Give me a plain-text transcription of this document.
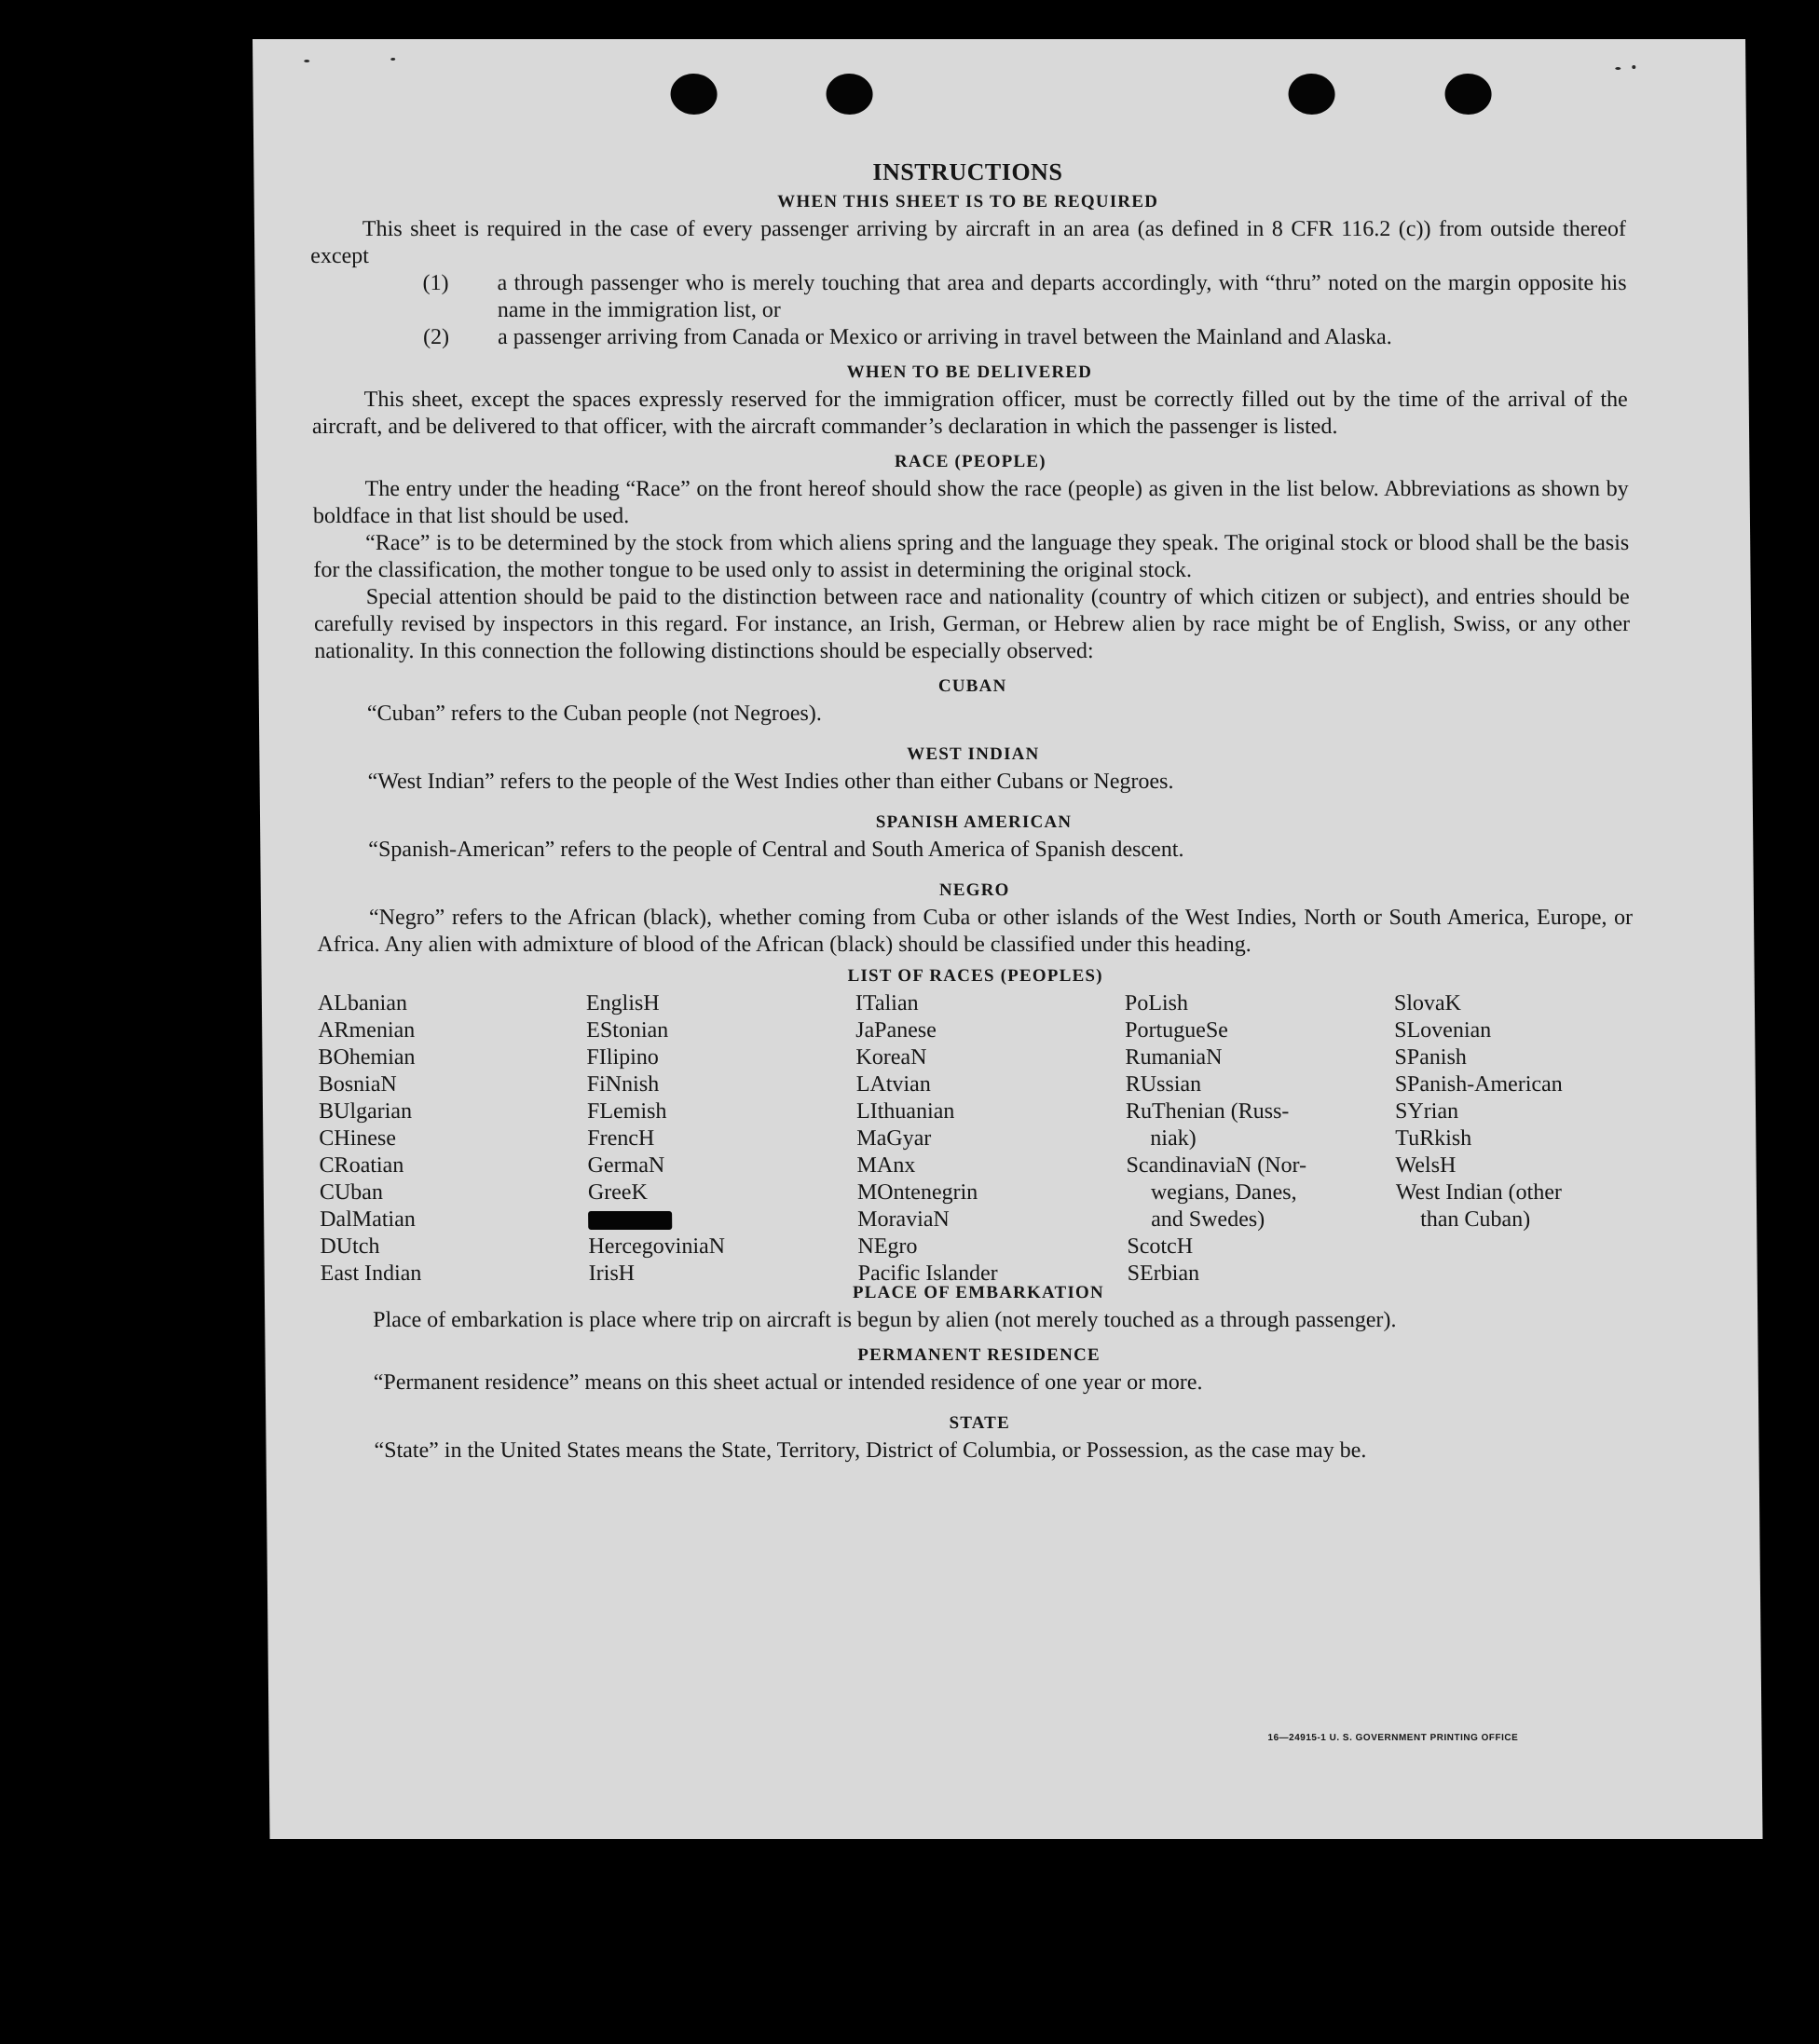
INSTRUCTIONS
WHEN THIS SHEET IS TO BE REQUIRED

This sheet is required in the case of every passenger arriving by aircraft in an area (as defined in 8 CFR 116.2 (c)) from outside thereof except

(1) a through passenger who is merely touching that area and departs accordingly, with “thru” noted on the margin opposite his name in the immigration list, or
(2) a passenger arriving from Canada or Mexico or arriving in travel between the Mainland and Alaska.
WHEN TO BE DELIVERED

This sheet, except the spaces expressly reserved for the immigration officer, must be correctly filled out by the time of the arrival of the aircraft, and be delivered to that officer, with the aircraft commander’s declaration in which the passenger is listed.

RACE (PEOPLE)

The entry under the heading “Race” on the front hereof should show the race (people) as given in the list below. Abbreviations as shown by boldface in that list should be used.

“Race” is to be determined by the stock from which aliens spring and the language they speak. The original stock or blood shall be the basis for the classification, the mother tongue to be used only to assist in determining the original stock.

Special attention should be paid to the distinction between race and nationality (country of which citizen or subject), and entries should be carefully revised by inspectors in this regard. For instance, an Irish, German, or Hebrew alien by race might be of English, Swiss, or any other nationality. In this connection the following distinctions should be especially observed:

CUBAN

“Cuban” refers to the Cuban people (not Negroes).

WEST INDIAN

“West Indian” refers to the people of the West Indies other than either Cubans or Negroes.

SPANISH AMERICAN

“Spanish-American” refers to the people of Central and South America of Spanish descent.

NEGRO

“Negro” refers to the African (black), whether coming from Cuba or other islands of the West Indies, North or South America, Europe, or Africa. Any alien with admixture of blood of the African (black) should be classified under this heading.

LIST OF RACES (PEOPLES)
ALbanian
ARmenian
BOhemian
BosniaN
BUlgarian
CHinese
CRoatian
CUban
DalMatian
DUtch
East Indian
EnglisH
EStonian
FIlipino
FiNnish
FLemish
FrencH
GermaN
GreeK
HercegoviniaN
IrisH
ITalian
JaPanese
KoreaN
LAtvian
LIthuanian
MaGyar
MAnx
MOntenegrin
MoraviaN
NEgro
Pacific Islander
PoLish
PortugueSe
RumaniaN
RUssian
RuThenian (Russ-
niak)
ScandinaviaN (Nor-
wegians, Danes,
and Swedes)
ScotcH
SErbian
SlovaK
SLovenian
SPanish
SPanish-American
SYrian
TuRkish
WelsH
West Indian (other
than Cuban)
PLACE OF EMBARKATION

Place of embarkation is place where trip on aircraft is begun by alien (not merely touched as a through passenger).

PERMANENT RESIDENCE

“Permanent residence” means on this sheet actual or intended residence of one year or more.

STATE

“State” in the United States means the State, Territory, District of Columbia, or Possession, as the case may be.

16—24915-1 U. S. GOVERNMENT PRINTING OFFICE
